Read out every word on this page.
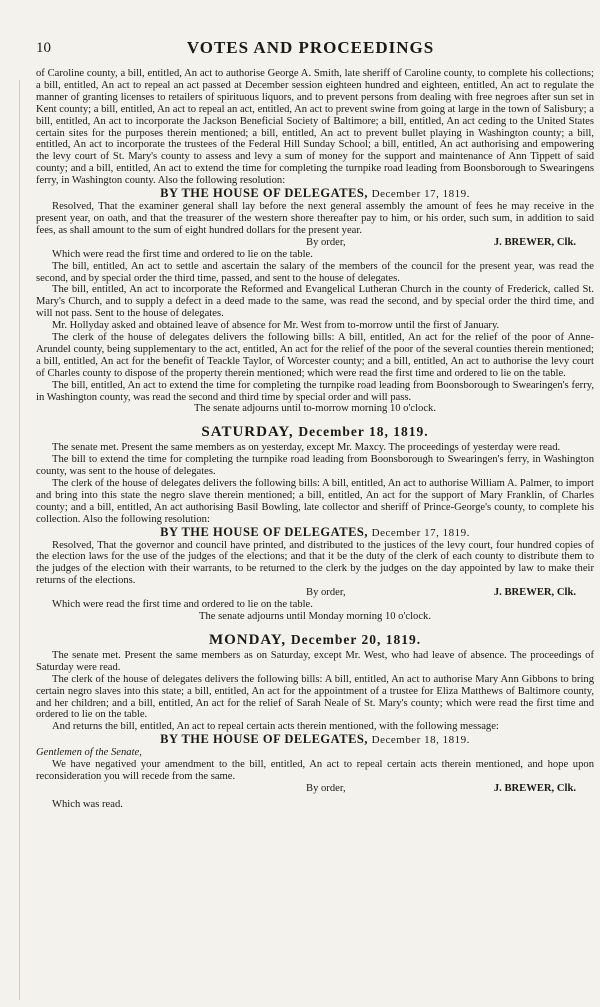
10	VOTES AND PROCEEDINGS

of Caroline county, a bill, entitled, An act to authorise George A. Smith, late sheriff of Caroline county, to complete his collections; a bill, entitled, An act to repeal an act passed at December session eighteen hundred and eighteen, entitled, An act to regulate the manner of granting licenses to retailers of spirituous liquors, and to prevent persons from dealing with free negroes after sun set in Kent county; a bill, entitled, An act to repeal an act, entitled, An act to prevent swine from going at large in the town of Salisbury; a bill, entitled, An act to incorporate the Jackson Beneficial Society of Baltimore; a bill, entitled, An act ceding to the United States certain sites for the purposes therein mentioned; a bill, entitled, An act to prevent bullet playing in Washington county; a bill, entitled, An act to incorporate the trustees of the Federal Hill Sunday School; a bill, entitled, An act authorising and empowering the levy court of St. Mary's county to assess and levy a sum of money for the support and maintenance of Ann Tippett of said county; and a bill, entitled, An act to extend the time for completing the turnpike road leading from Boonsborough to Swearingens ferry, in Washington county. Also the following resolution:

BY THE HOUSE OF DELEGATES, December 17, 1819.

Resolved, That the examiner general shall lay before the next general assembly the amount of fees he may receive in the present year, on oath, and that the treasurer of the western shore thereafter pay to him, or his order, such sum, in addition to said fees, as shall amount to the sum of eight hundred dollars for the present year.

By order,	J. BREWER, Clk.

Which were read the first time and ordered to lie on the table.

The bill, entitled, An act to settle and ascertain the salary of the members of the council for the present year, was read the second, and by special order the third time, passed, and sent to the house of delegates.

The bill, entitled, An act to incorporate the Reformed and Evangelical Lutheran Church in the county of Frederick, called St. Mary's Church, and to supply a defect in a deed made to the same, was read the second, and by special order the third time, and will not pass. Sent to the house of delegates.

Mr. Hollyday asked and obtained leave of absence for Mr. West from to-morrow until the first of January.

The clerk of the house of delegates delivers the following bills: A bill, entitled, An act for the relief of the poor of Anne-Arundel county, being supplementary to the act, entitled, An act for the relief of the poor of the several counties therein mentioned; a bill, entitled, An act for the benefit of Teackle Taylor, of Worcester county; and a bill, entitled, An act to authorise the levy court of Charles county to dispose of the property therein mentioned; which were read the first time and ordered to lie on the table.

The bill, entitled, An act to extend the time for completing the turnpike road leading from Boonsborough to Swearingen's ferry, in Washington county, was read the second and third time by special order and will pass.

The senate adjourns until to-morrow morning 10 o'clock.

SATURDAY, December 18, 1819.

The senate met. Present the same members as on yesterday, except Mr. Maxcy. The proceedings of yesterday were read.

The bill to extend the time for completing the turnpike road leading from Boonsborough to Swearingen's ferry, in Washington county, was sent to the house of delegates.

The clerk of the house of delegates delivers the following bills: A bill, entitled, An act to authorise William A. Palmer, to import and bring into this state the negro slave therein mentioned; a bill, entitled, An act for the support of Mary Franklin, of Charles county; and a bill, entitled, An act authorising Basil Bowling, late collector and sheriff of Prince-George's county, to complete his collection. Also the following resolution:

BY THE HOUSE OF DELEGATES, December 17, 1819.

Resolved, That the governor and council have printed, and distributed to the justices of the levy court, four hundred copies of the election laws for the use of the judges of the elections; and that it be the duty of the clerk of each county to distribute them to the judges of the election with their warrants, to be returned to the clerk by the judges on the day appointed by law to make their returns of the elections.

By order,	J. BREWER, Clk.

Which were read the first time and ordered to lie on the table.

The senate adjourns until Monday morning 10 o'clock.

MONDAY, December 20, 1819.

The senate met. Present the same members as on Saturday, except Mr. West, who had leave of absence. The proceedings of Saturday were read.

The clerk of the house of delegates delivers the following bills: A bill, entitled, An act to authorise Mary Ann Gibbons to bring certain negro slaves into this state; a bill, entitled, An act for the appointment of a trustee for Eliza Matthews of Baltimore county, and her children; and a bill, entitled, An act for the relief of Sarah Neale of St. Mary's county; which were read the first time and ordered to lie on the table.

And returns the bill, entitled, An act to repeal certain acts therein mentioned, with the following message:

BY THE HOUSE OF DELEGATES, December 18, 1819.

Gentlemen of the Senate,

We have negatived your amendment to the bill, entitled, An act to repeal certain acts therein mentioned, and hope upon reconsideration you will recede from the same.

By order,	J. BREWER, Clk.

Which was read.
